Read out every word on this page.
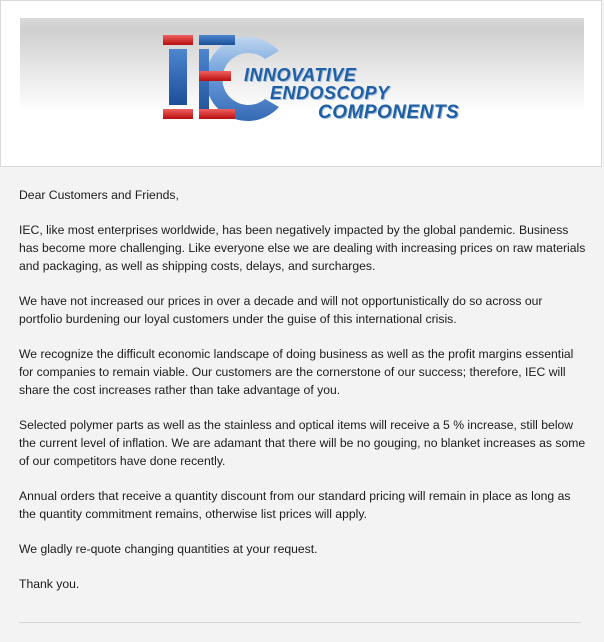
INNOVATIVE
ENDOSCOPY
COMPONENTS

Dear Customers and Friends,

IEC, like most enterprises worldwide, has been negatively impacted by the global pandemic. Business has become more challenging. Like everyone else we are dealing with increasing prices on raw materials and packaging, as well as shipping costs, delays, and surcharges.

We have not increased our prices in over a decade and will not opportunistically do so across our portfolio burdening our loyal customers under the guise of this international crisis.

We recognize the difficult economic landscape of doing business as well as the profit margins essential for companies to remain viable. Our customers are the cornerstone of our success; therefore, IEC will share the cost increases rather than take advantage of you.

Selected polymer parts as well as the stainless and optical items will receive a 5 % increase, still below the current level of inflation. We are adamant that there will be no gouging, no blanket increases as some of our competitors have done recently.

Annual orders that receive a quantity discount from our standard pricing will remain in place as long as the quantity commitment remains, otherwise list prices will apply.

We gladly re-quote changing quantities at your request.

Thank you.
